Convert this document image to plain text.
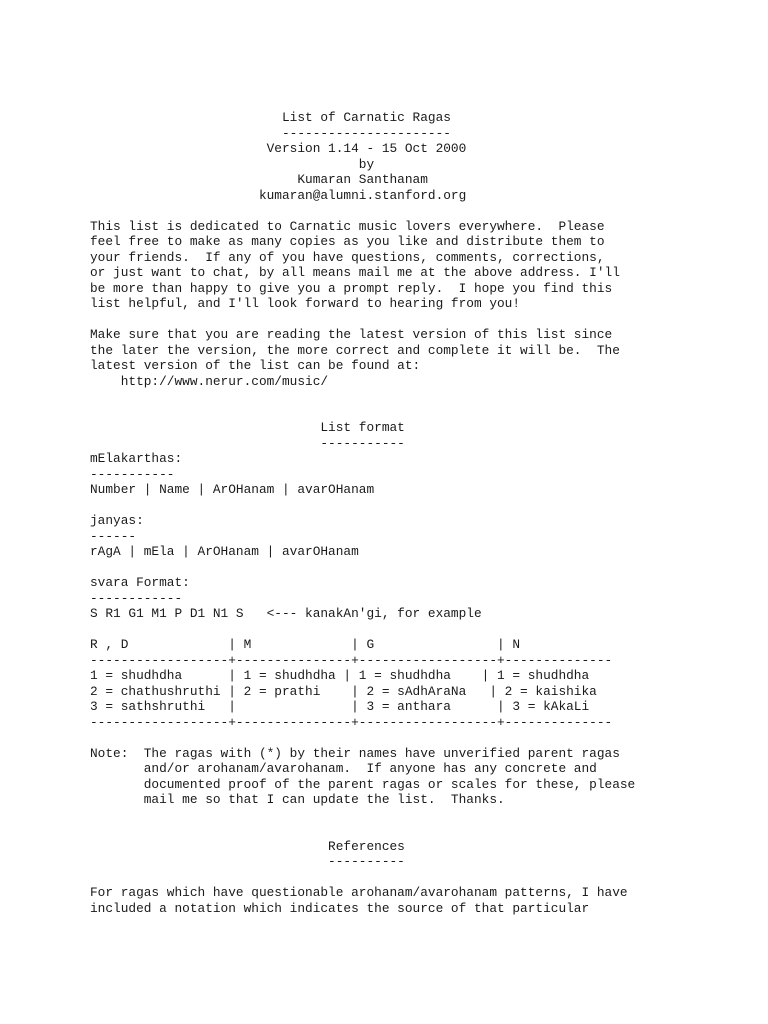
List of Carnatic Ragas
----------------------
Version 1.14 - 15 Oct 2000
by
Kumaran Santhanam
kumaran@alumni.stanford.org
This list is dedicated to Carnatic music lovers everywhere.  Please
feel free to make as many copies as you like and distribute them to
your friends.  If any of you have questions, comments, corrections,
or just want to chat, by all means mail me at the above address. I'll
be more than happy to give you a prompt reply.  I hope you find this
list helpful, and I'll look forward to hearing from you!
Make sure that you are reading the latest version of this list since
the later the version, the more correct and complete it will be.  The
latest version of the list can be found at:
http://www.nerur.com/music/
List format
-----------
mElakarthas:
-----------
Number | Name | ArOHanam | avarOHanam
janyas:
------
rAgA | mEla | ArOHanam | avarOHanam
svara Format:
------------
S R1 G1 M1 P D1 N1 S   <--- kanakAn'gi, for example
R , D             | M             | G                | N
------------------+---------------+------------------+--------------
1 = shudhdha      | 1 = shudhdha | 1 = shudhdha    | 1 = shudhdha
2 = chathushruthi | 2 = prathi    | 2 = sAdhAraNa   | 2 = kaishika
3 = sathshruthi   |               | 3 = anthara      | 3 = kAkaLi
------------------+---------------+------------------+--------------
Note:  The ragas with (*) by their names have unverified parent ragas
and/or arohanam/avarohanam.  If anyone has any concrete and
documented proof of the parent ragas or scales for these, please
mail me so that I can update the list.  Thanks.
References
----------
For ragas which have questionable arohanam/avarohanam patterns, I have
included a notation which indicates the source of that particular
